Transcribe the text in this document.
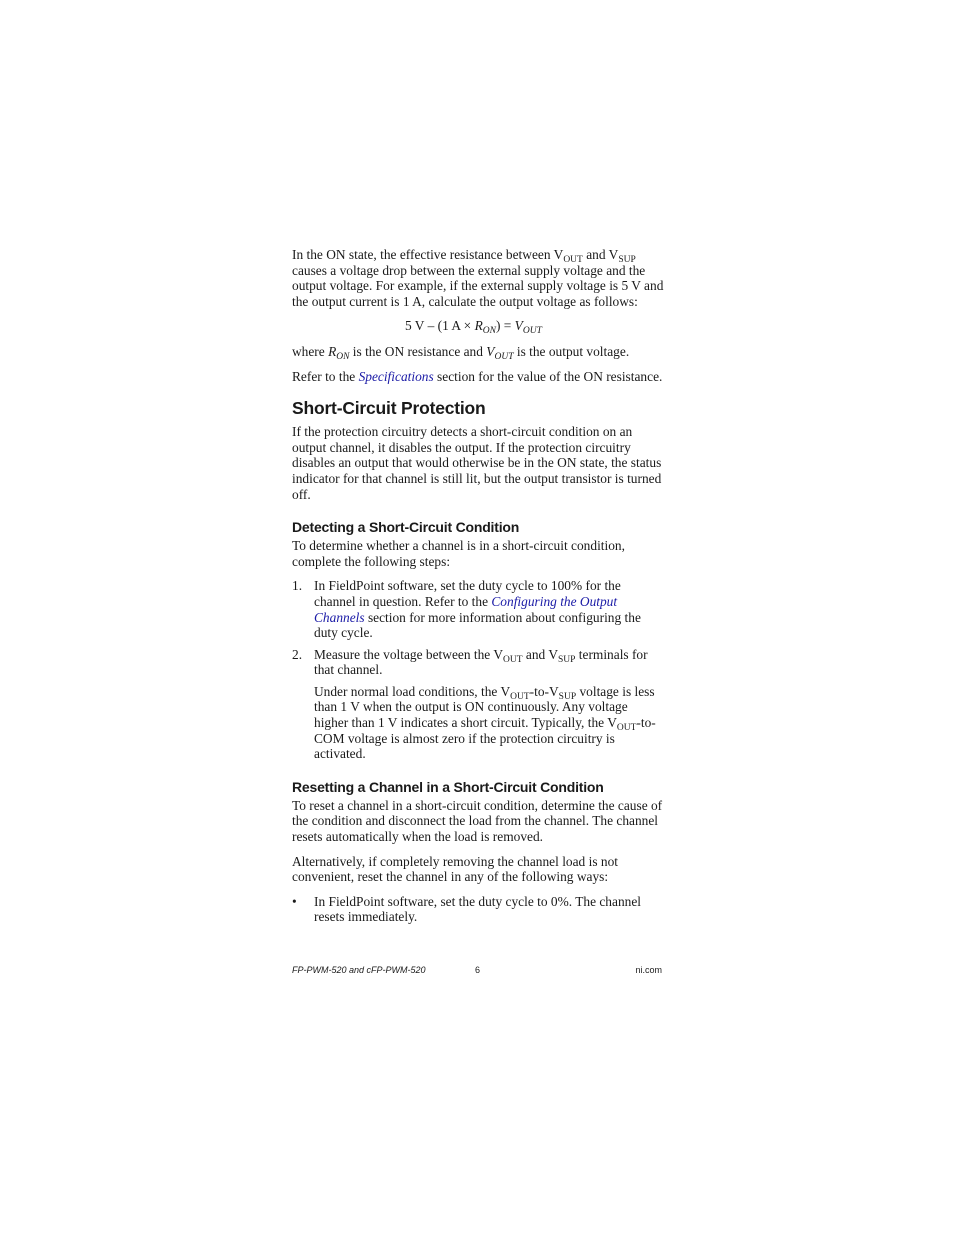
In the ON state, the effective resistance between $V_{OUT}$ and $V_{SUP}$ causes a voltage drop between the external supply voltage and the output voltage. For example, if the external supply voltage is 5 V and the output current is 1 A, calculate the output voltage as follows:

5 V – (1 $A \times R_{ON}) = V_{OUT}$

where $R_{ON}$ is the ON resistance and $V_{OUT}$ is the output voltage.

Refer to the Specifications section for the value of the ON resistance.

Short-Circuit Protection

If the protection circuitry detects a short-circuit condition on an output channel, it disables the output. If the protection circuitry disables an output that would otherwise be in the ON state, the status indicator for that channel is still lit, but the output transistor is turned off.

Detecting a Short-Circuit Condition

To determine whether a channel is in a short-circuit condition, complete the following steps:

1. In FieldPoint software, set the duty cycle to 100% for the channel in question. Refer to the Configuring the Output Channels section for more information about configuring the duty cycle.
2. Measure the voltage between the $V_{OUT}$ and $V_{SUP}$ terminals for that channel.

Under normal load conditions, the $V_{OUT}-to-V_{SUP}$ voltage is less than 1 V when the output is ON continuously. Any voltage higher than 1 V indicates a short circuit. Typically, the $V_{OUT}-to$-COM voltage is almost zero if the protection circuitry is activated.

Resetting a Channel in a Short-Circuit Condition

To reset a channel in a short-circuit condition, determine the cause of the condition and disconnect the load from the channel. The channel resets automatically when the load is removed.

Alternatively, if completely removing the channel load is not convenient, reset the channel in any of the following ways:

•	In FieldPoint software, set the duty cycle to 0%. The channel resets immediately.
FP-PWM-520 and cFP-PWM-520	6	ni.com
